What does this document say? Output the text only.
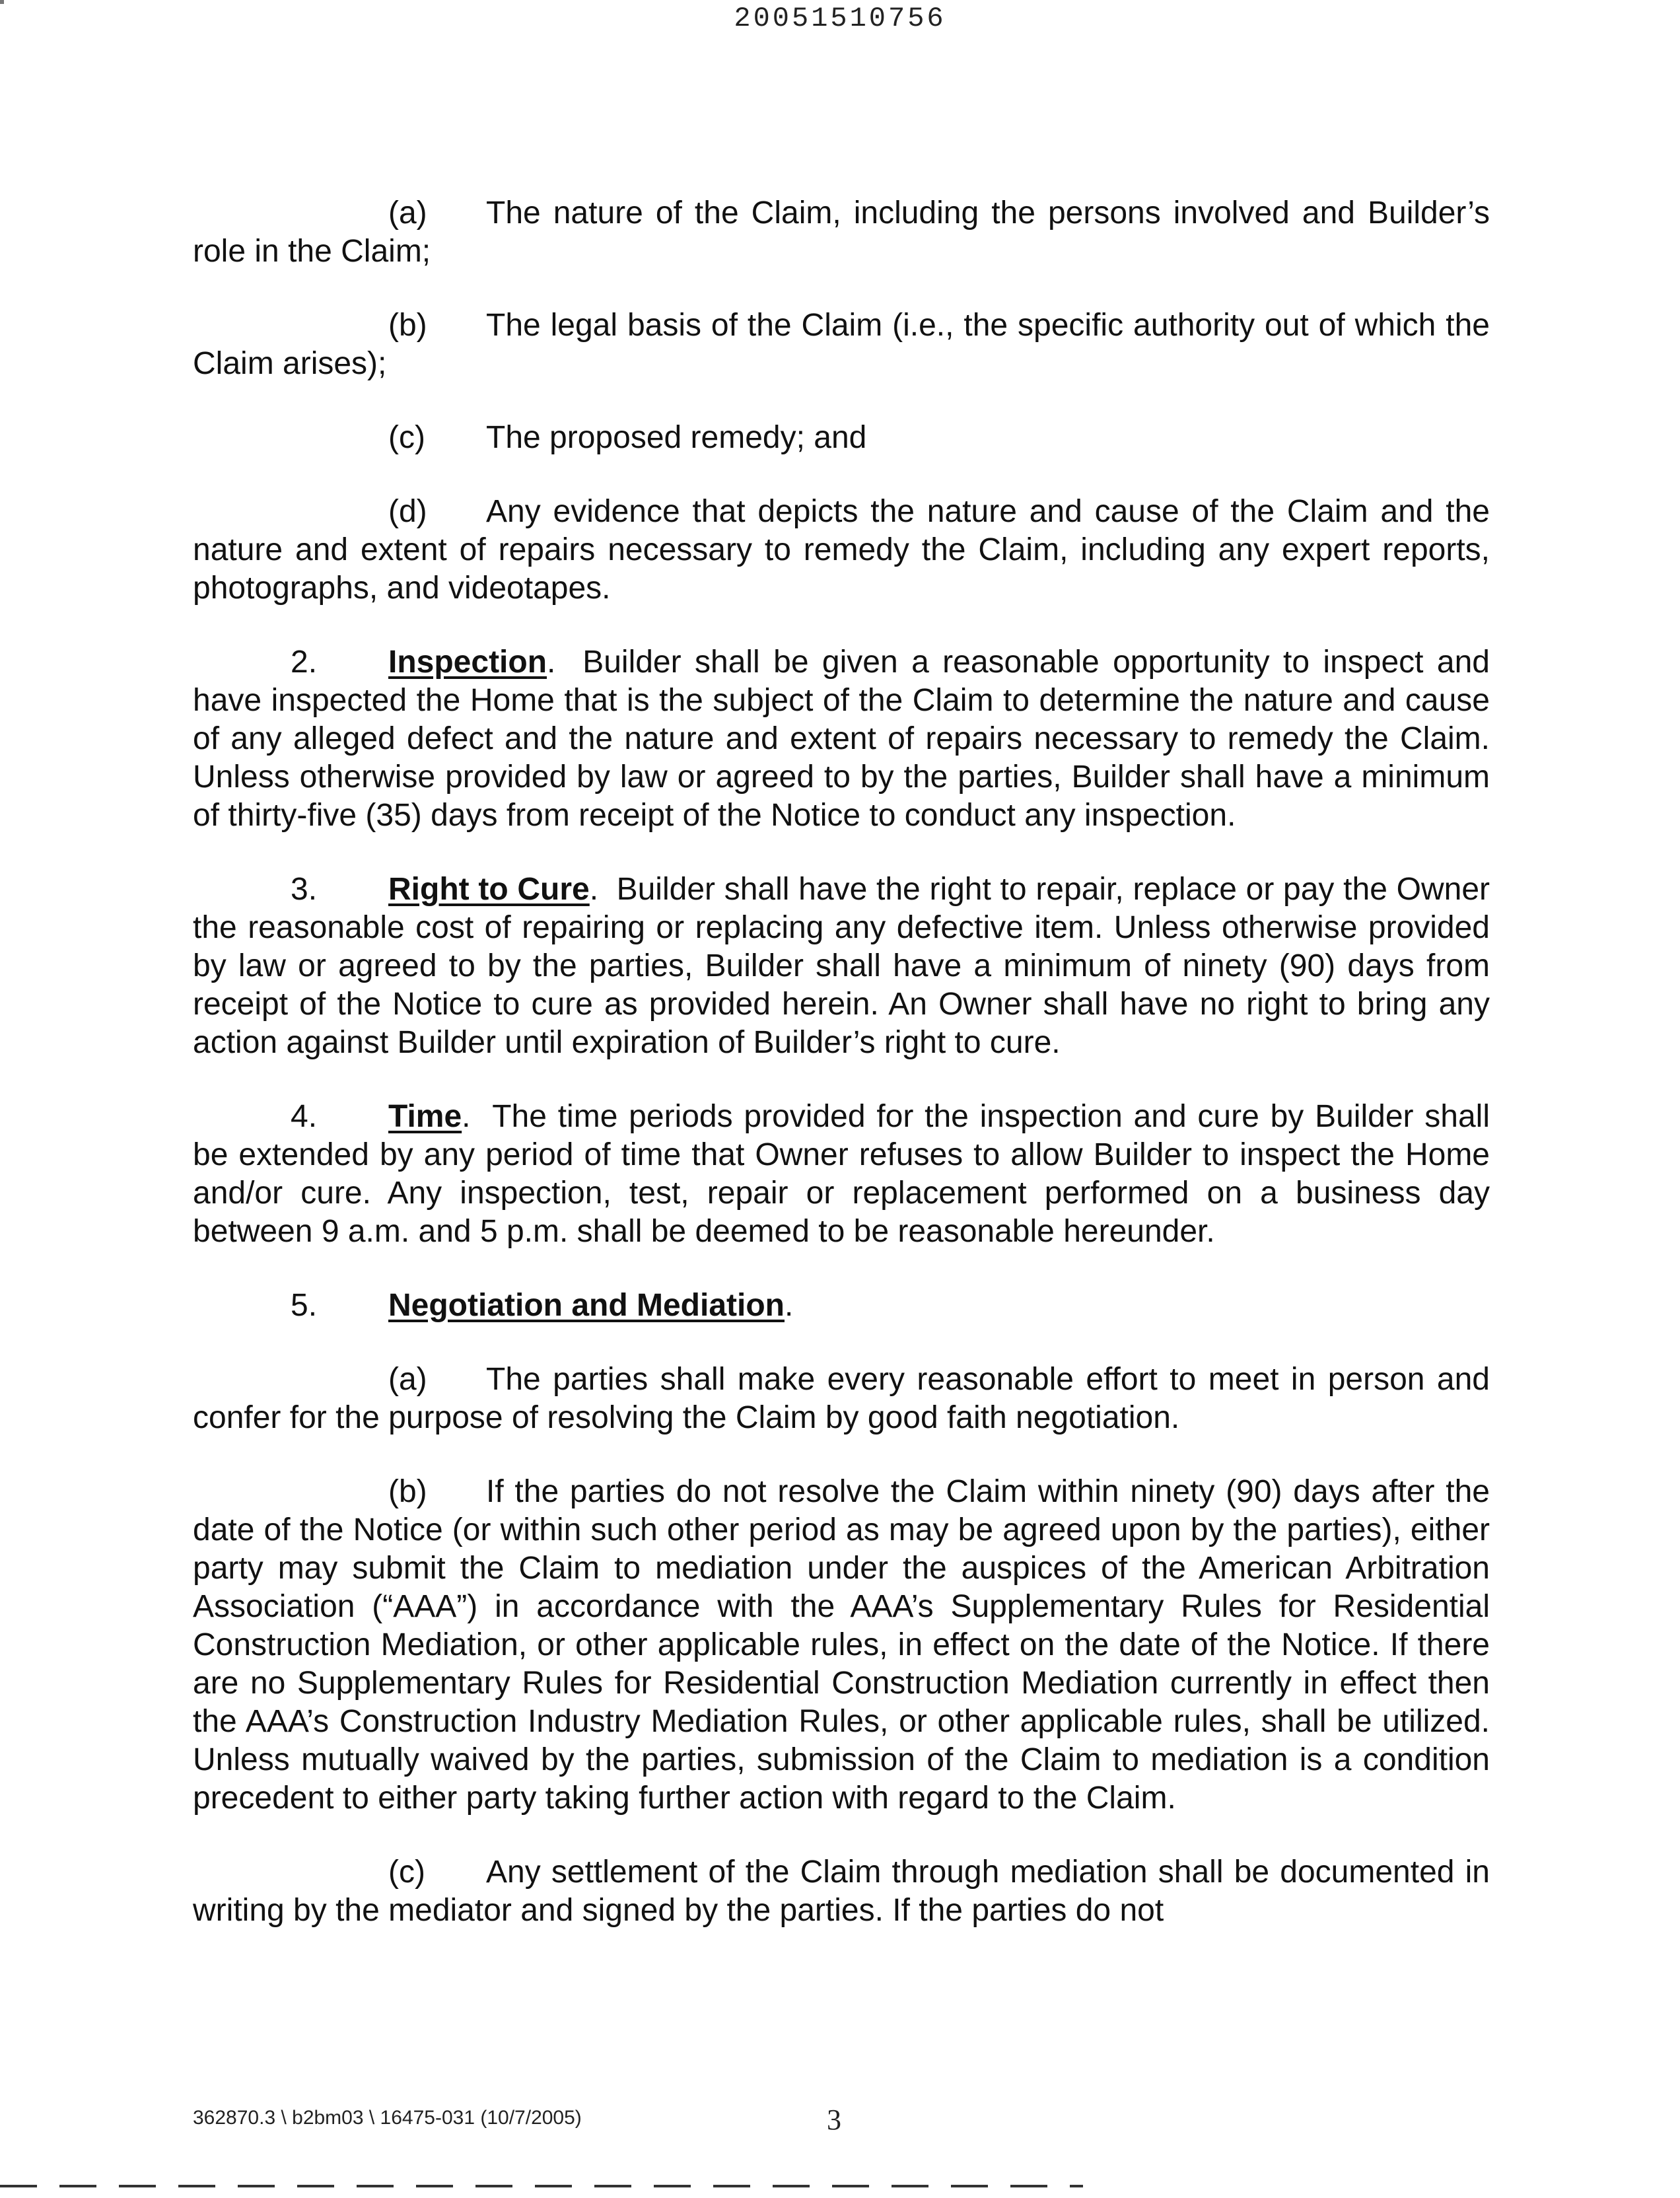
20051510756

(a) The nature of the Claim, including the persons involved and Builder’s role in the Claim;

(b) The legal basis of the Claim (i.e., the specific authority out of which the Claim arises);

(c) The proposed remedy; and

(d) Any evidence that depicts the nature and cause of the Claim and the nature and extent of repairs necessary to remedy the Claim, including any expert reports, photographs, and videotapes.

2. Inspection.  Builder shall be given a reasonable opportunity to inspect and have inspected the Home that is the subject of the Claim to determine the nature and cause of any alleged defect and the nature and extent of repairs necessary to remedy the Claim. Unless otherwise provided by law or agreed to by the parties, Builder shall have a minimum of thirty-five (35) days from receipt of the Notice to conduct any inspection.

3. Right to Cure.  Builder shall have the right to repair, replace or pay the Owner the reasonable cost of repairing or replacing any defective item. Unless otherwise provided by law or agreed to by the parties, Builder shall have a minimum of ninety (90) days from receipt of the Notice to cure as provided herein. An Owner shall have no right to bring any action against Builder until expiration of Builder’s right to cure.

4. Time.  The time periods provided for the inspection and cure by Builder shall be extended by any period of time that Owner refuses to allow Builder to inspect the Home and/or cure. Any inspection, test, repair or replacement performed on a business day between 9 a.m. and 5 p.m. shall be deemed to be reasonable hereunder.

5. Negotiation and Mediation.

(a) The parties shall make every reasonable effort to meet in person and confer for the purpose of resolving the Claim by good faith negotiation.

(b) If the parties do not resolve the Claim within ninety (90) days after the date of the Notice (or within such other period as may be agreed upon by the parties), either party may submit the Claim to mediation under the auspices of the American Arbitration Association (“AAA”) in accordance with the AAA’s Supplementary Rules for Residential Construction Mediation, or other applicable rules, in effect on the date of the Notice. If there are no Supplementary Rules for Residential Construction Mediation currently in effect then the AAA’s Construction Industry Mediation Rules, or other applicable rules, shall be utilized. Unless mutually waived by the parties, submission of the Claim to mediation is a condition precedent to either party taking further action with regard to the Claim.

(c) Any settlement of the Claim through mediation shall be documented in writing by the mediator and signed by the parties. If the parties do not

362870.3 \ b2bm03 \ 16475-031 (10/7/2005)	3
